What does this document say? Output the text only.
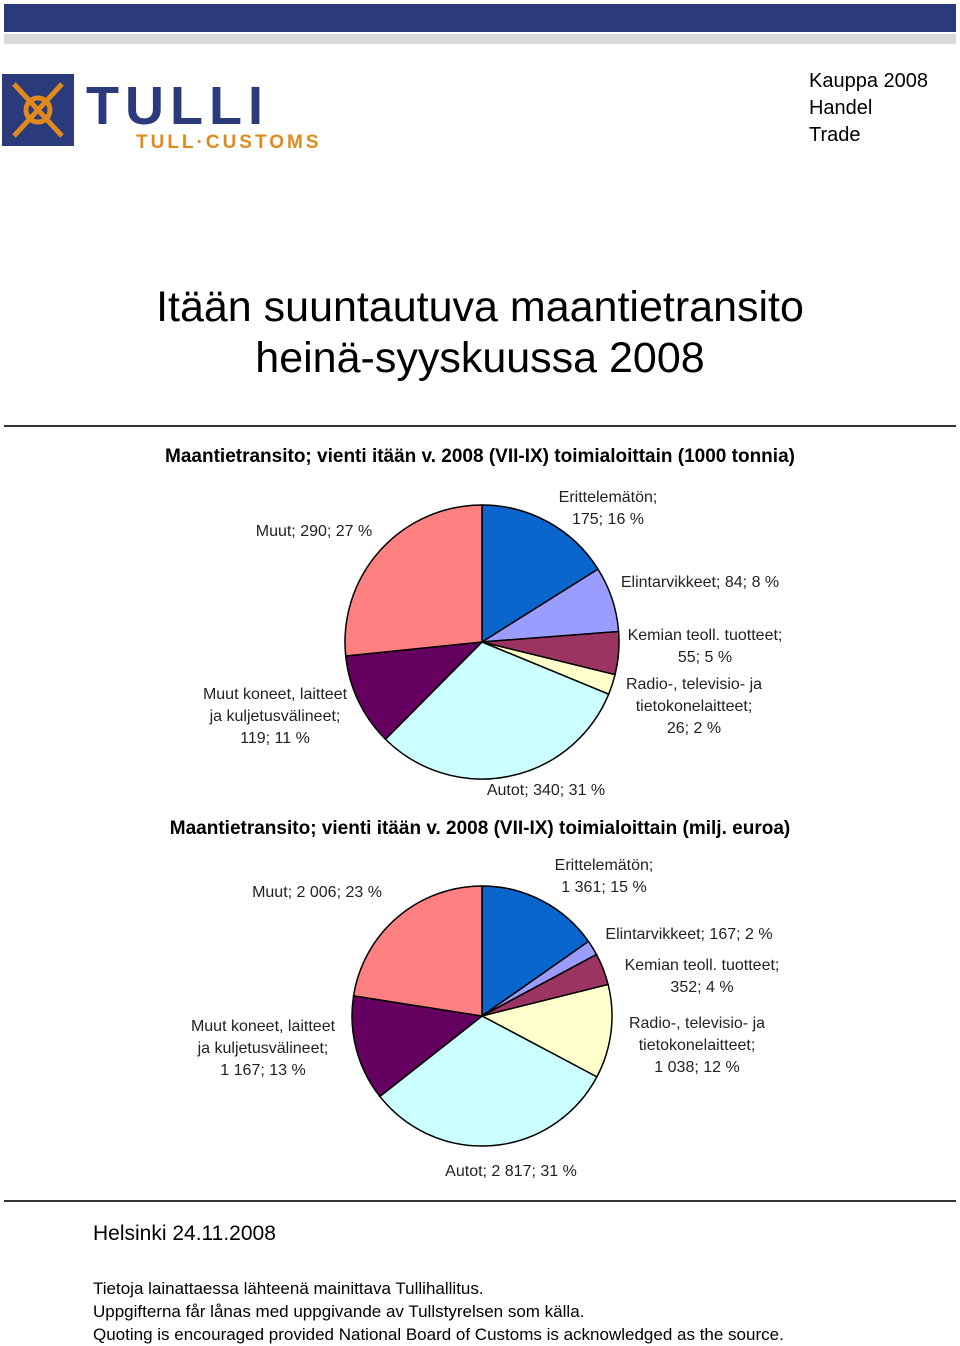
TULLI
TULL·CUSTOMS
Kauppa 2008
Handel
Trade
Itään suuntautuva maantietransito
heinä-syyskuussa 2008
Maantietransito; vienti itään v. 2008 (VII-IX) toimialoittain (1000 tonnia)
Erittelemätön; 175; 16 %
Elintarvikkeet; 84; 8 %
Kemian teoll. tuotteet; 55; 5 %
Radio-, televisio- ja tietokonelaitteet; 26; 2 %
Autot; 340; 31 %
Muut koneet, laitteet ja kuljetusvälineet; 119; 11 %
Muut; 290; 27 %
Maantietransito; vienti itään v. 2008 (VII-IX) toimialoittain (milj. euroa)
Erittelemätön; 1 361; 15 %
Elintarvikkeet; 167; 2 %
Kemian teoll. tuotteet; 352; 4 %
Radio-, televisio- ja tietokonelaitteet; 1 038; 12 %
Autot; 2 817; 31 %
Muut koneet, laitteet ja kuljetusvälineet; 1 167; 13 %
Muut; 2 006; 23 %
Helsinki 24.11.2008
Tietoja lainattaessa lähteenä mainittava Tullihallitus.
Uppgifterna får lånas med uppgivande av Tullstyrelsen som källa.
Quoting is encouraged provided National Board of Customs is acknowledged as the source.
